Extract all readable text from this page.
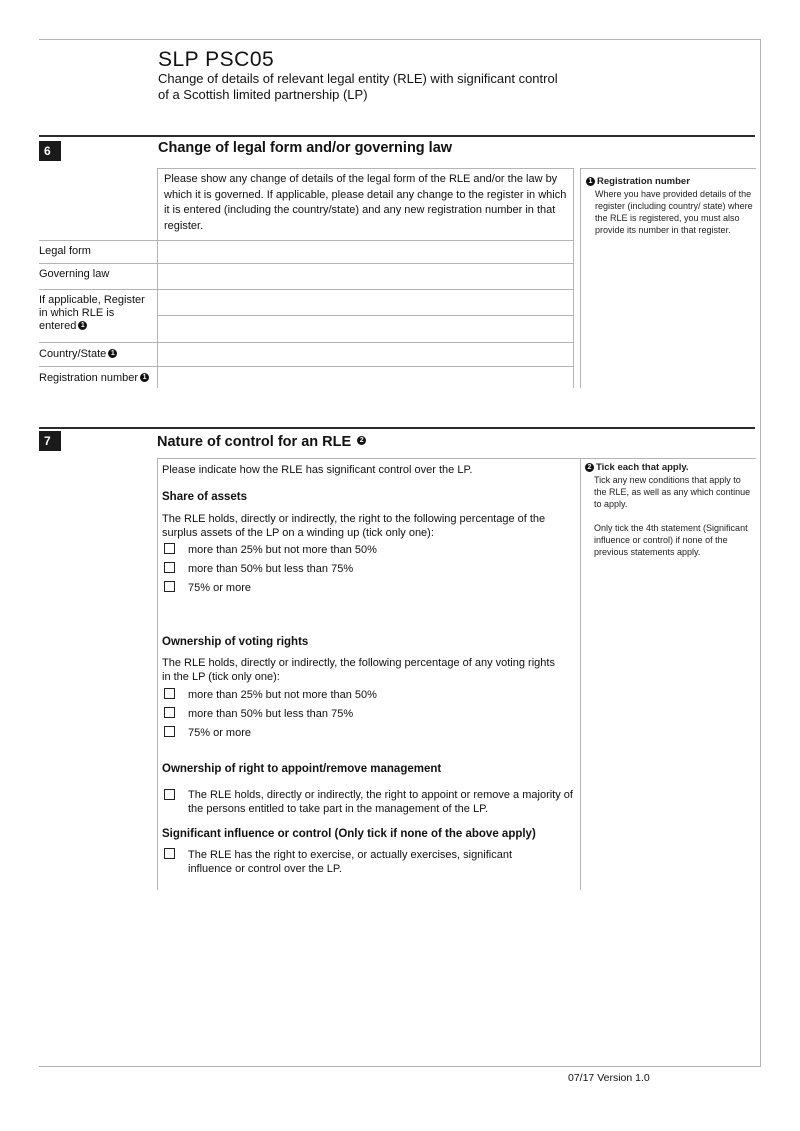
SLP PSC05
Change of details of relevant legal entity (RLE) with significant control
of a Scottish limited partnership (LP)
6	Change of legal form and/or governing law
Please show any change of details of the legal form of the RLE and/or the law by which it is governed. If applicable, please detail any change to the register in which it is entered (including the country/state) and any new registration number in that register.
Legal form
Governing law
If applicable, Register in which RLE is entered 1
Country/State 1
Registration number 1
1 Registration number
Where you have provided details of the register (including country/ state) where the RLE is registered, you must also provide its number in that register.
7	Nature of control for an RLE 2
Please indicate how the RLE has significant control over the LP.
Share of assets
The RLE holds, directly or indirectly, the right to the following percentage of the surplus assets of the LP on a winding up (tick only one):
more than 25% but not more than 50%
more than 50% but less than 75%
75% or more
Ownership of voting rights
The RLE holds, directly or indirectly, the following percentage of any voting rights in the LP (tick only one):
more than 25% but not more than 50%
more than 50% but less than 75%
75% or more
Ownership of right to appoint/remove management
The RLE holds, directly or indirectly, the right to appoint or remove a majority of the persons entitled to take part in the management of the LP.
Significant influence or control (Only tick if none of the above apply)
The RLE has the right to exercise, or actually exercises, significant influence or control over the LP.
2 Tick each that apply.
Tick any new conditions that apply to the RLE, as well as any which continue to apply.
Only tick the 4th statement (Significant influence or control) if none of the previous statements apply.
07/17 Version 1.0
